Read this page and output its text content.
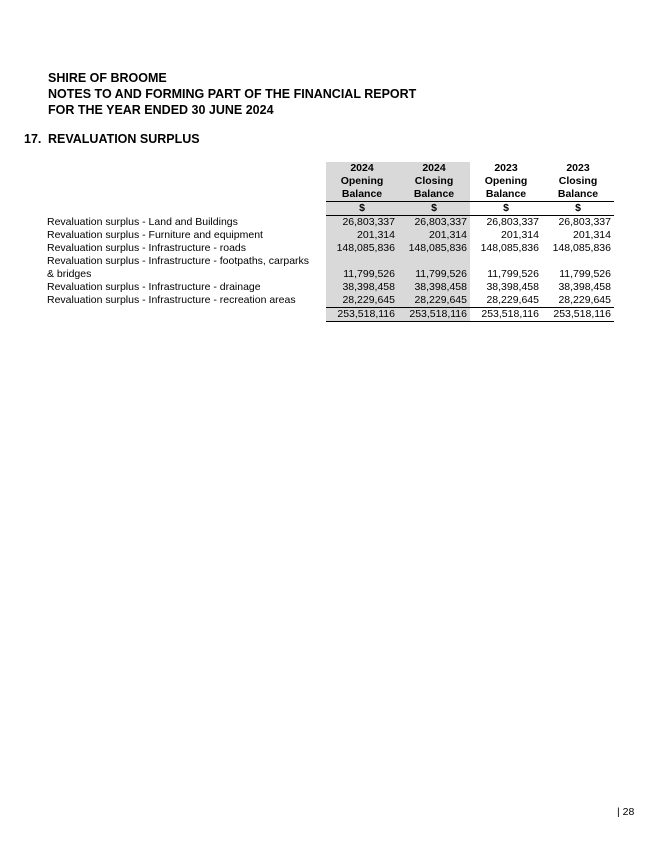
SHIRE OF BROOME
NOTES TO AND FORMING PART OF THE FINANCIAL REPORT
FOR THE YEAR ENDED 30 JUNE 2024
17. REVALUATION SURPLUS
	2024	2024	2023	2023
	Opening	Closing	Opening	Closing
	Balance	Balance	Balance	Balance
	$	$	$	$
Revaluation surplus - Land and Buildings	26,803,337	26,803,337	26,803,337	26,803,337
Revaluation surplus - Furniture and equipment	201,314	201,314	201,314	201,314
Revaluation surplus - Infrastructure - roads	148,085,836	148,085,836	148,085,836	148,085,836
Revaluation surplus - Infrastructure - footpaths, carparks				
& bridges	11,799,526	11,799,526	11,799,526	11,799,526
Revaluation surplus - Infrastructure - drainage	38,398,458	38,398,458	38,398,458	38,398,458
Revaluation surplus - Infrastructure - recreation areas	28,229,645	28,229,645	28,229,645	28,229,645
	253,518,116	253,518,116	253,518,116	253,518,116
| 28
